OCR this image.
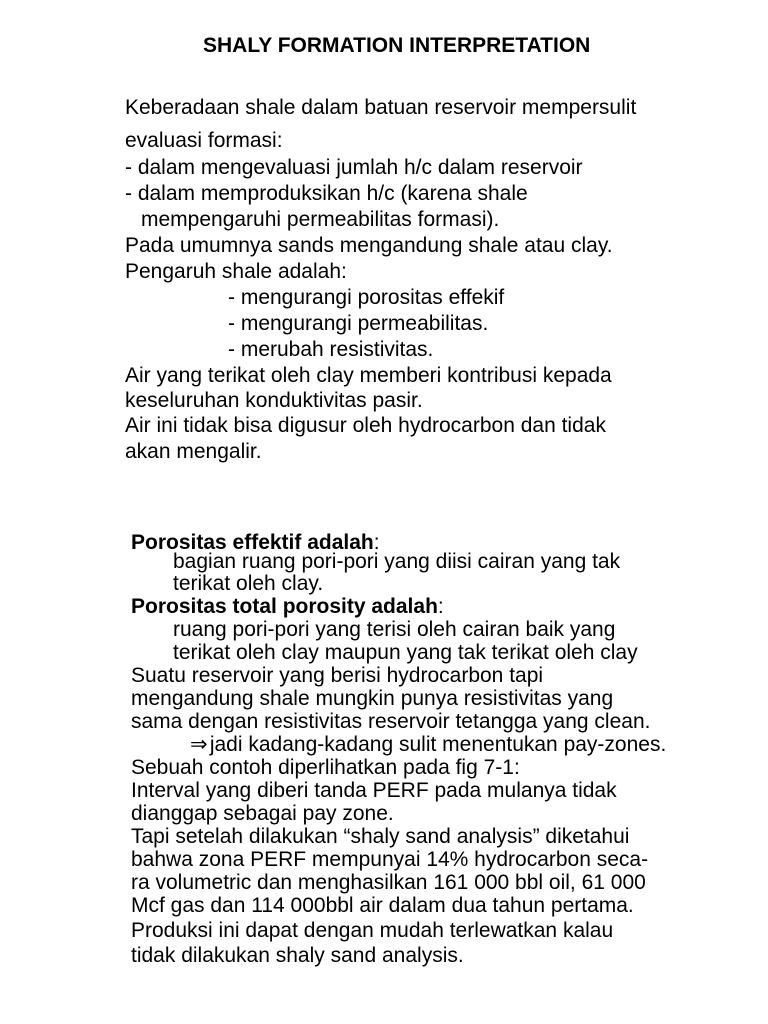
SHALY FORMATION INTERPRETATION

Keberadaan shale dalam batuan reservoir mempersulit

evaluasi formasi:

- dalam mengevaluasi jumlah h/c dalam reservoir

- dalam memproduksikan h/c (karena shale

mempengaruhi permeabilitas formasi).

Pada umumnya sands mengandung shale atau clay.

Pengaruh shale adalah:

- mengurangi porositas effekif

- mengurangi permeabilitas.

- merubah resistivitas.

Air yang terikat oleh clay memberi kontribusi kepada

keseluruhan konduktivitas pasir.

Air ini tidak bisa digusur oleh hydrocarbon dan tidak

akan mengalir.

Porositas effektif adalah:

bagian ruang pori-pori yang diisi cairan yang tak

terikat oleh clay.

Porositas total porosity adalah:

ruang pori-pori yang terisi oleh cairan baik yang

terikat oleh clay maupun yang tak terikat oleh clay

Suatu reservoir yang berisi hydrocarbon tapi

mengandung shale mungkin punya resistivitas yang

sama dengan resistivitas reservoir tetangga yang clean.

⇒ jadi kadang-kadang sulit menentukan pay-zones.

Sebuah contoh diperlihatkan pada fig 7-1:

Interval yang diberi tanda PERF pada mulanya tidak

dianggap sebagai pay zone.

Tapi setelah dilakukan “shaly sand analysis” diketahui

bahwa zona PERF mempunyai 14% hydrocarbon seca-

ra volumetric dan menghasilkan 161 000 bbl oil, 61 000

Mcf gas dan 114 000bbl air dalam dua tahun pertama.

Produksi ini dapat dengan mudah terlewatkan kalau

tidak dilakukan shaly sand analysis.
